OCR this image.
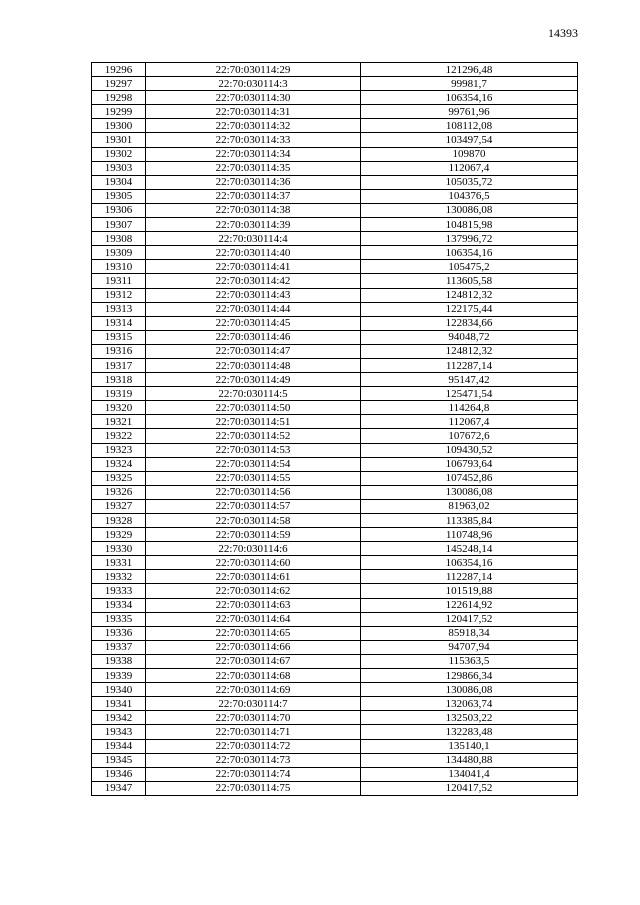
14393
19296	22:70:030114:29	121296,48
19297	22:70:030114:3	99981,7
19298	22:70:030114:30	106354,16
19299	22:70:030114:31	99761,96
19300	22:70:030114:32	108112,08
19301	22:70:030114:33	103497,54
19302	22:70:030114:34	109870
19303	22:70:030114:35	112067,4
19304	22:70:030114:36	105035,72
19305	22:70:030114:37	104376,5
19306	22:70:030114:38	130086,08
19307	22:70:030114:39	104815,98
19308	22:70:030114:4	137996,72
19309	22:70:030114:40	106354,16
19310	22:70:030114:41	105475,2
19311	22:70:030114:42	113605,58
19312	22:70:030114:43	124812,32
19313	22:70:030114:44	122175,44
19314	22:70:030114:45	122834,66
19315	22:70:030114:46	94048,72
19316	22:70:030114:47	124812,32
19317	22:70:030114:48	112287,14
19318	22:70:030114:49	95147,42
19319	22:70:030114:5	125471,54
19320	22:70:030114:50	114264,8
19321	22:70:030114:51	112067,4
19322	22:70:030114:52	107672,6
19323	22:70:030114:53	109430,52
19324	22:70:030114:54	106793,64
19325	22:70:030114:55	107452,86
19326	22:70:030114:56	130086,08
19327	22:70:030114:57	81963,02
19328	22:70:030114:58	113385,84
19329	22:70:030114:59	110748,96
19330	22:70:030114:6	145248,14
19331	22:70:030114:60	106354,16
19332	22:70:030114:61	112287,14
19333	22:70:030114:62	101519,88
19334	22:70:030114:63	122614,92
19335	22:70:030114:64	120417,52
19336	22:70:030114:65	85918,34
19337	22:70:030114:66	94707,94
19338	22:70:030114:67	115363,5
19339	22:70:030114:68	129866,34
19340	22:70:030114:69	130086,08
19341	22:70:030114:7	132063,74
19342	22:70:030114:70	132503,22
19343	22:70:030114:71	132283,48
19344	22:70:030114:72	135140,1
19345	22:70:030114:73	134480,88
19346	22:70:030114:74	134041,4
19347	22:70:030114:75	120417,52
